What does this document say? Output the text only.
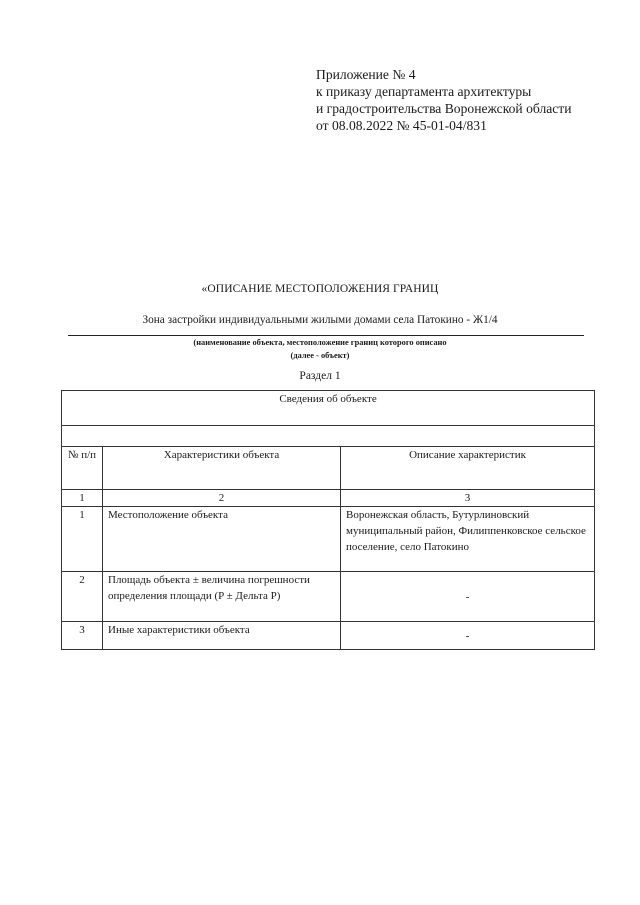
Приложение № 4
к приказу департамента архитектуры
и градостроительства Воронежской области
от 08.08.2022 № 45-01-04/831
«ОПИСАНИЕ МЕСТОПОЛОЖЕНИЯ ГРАНИЦ
Зона застройки индивидуальными жилыми домами села Патокино - Ж1/4
(наименование объекта, местоположение границ которого описано
(далее - объект)
Раздел 1
Сведения об объекте		

№ п/п	Характеристики объекта	Описание характеристик
1	2	3
1	Местоположение объекта	Воронежская область, Бутурлиновский муниципальный район, Филиппенковское сельское поселение, село Патокино
2	Площадь объекта ± величина погрешности определения площади (P ± Дельта P)	-
3	Иные характеристики объекта	-
